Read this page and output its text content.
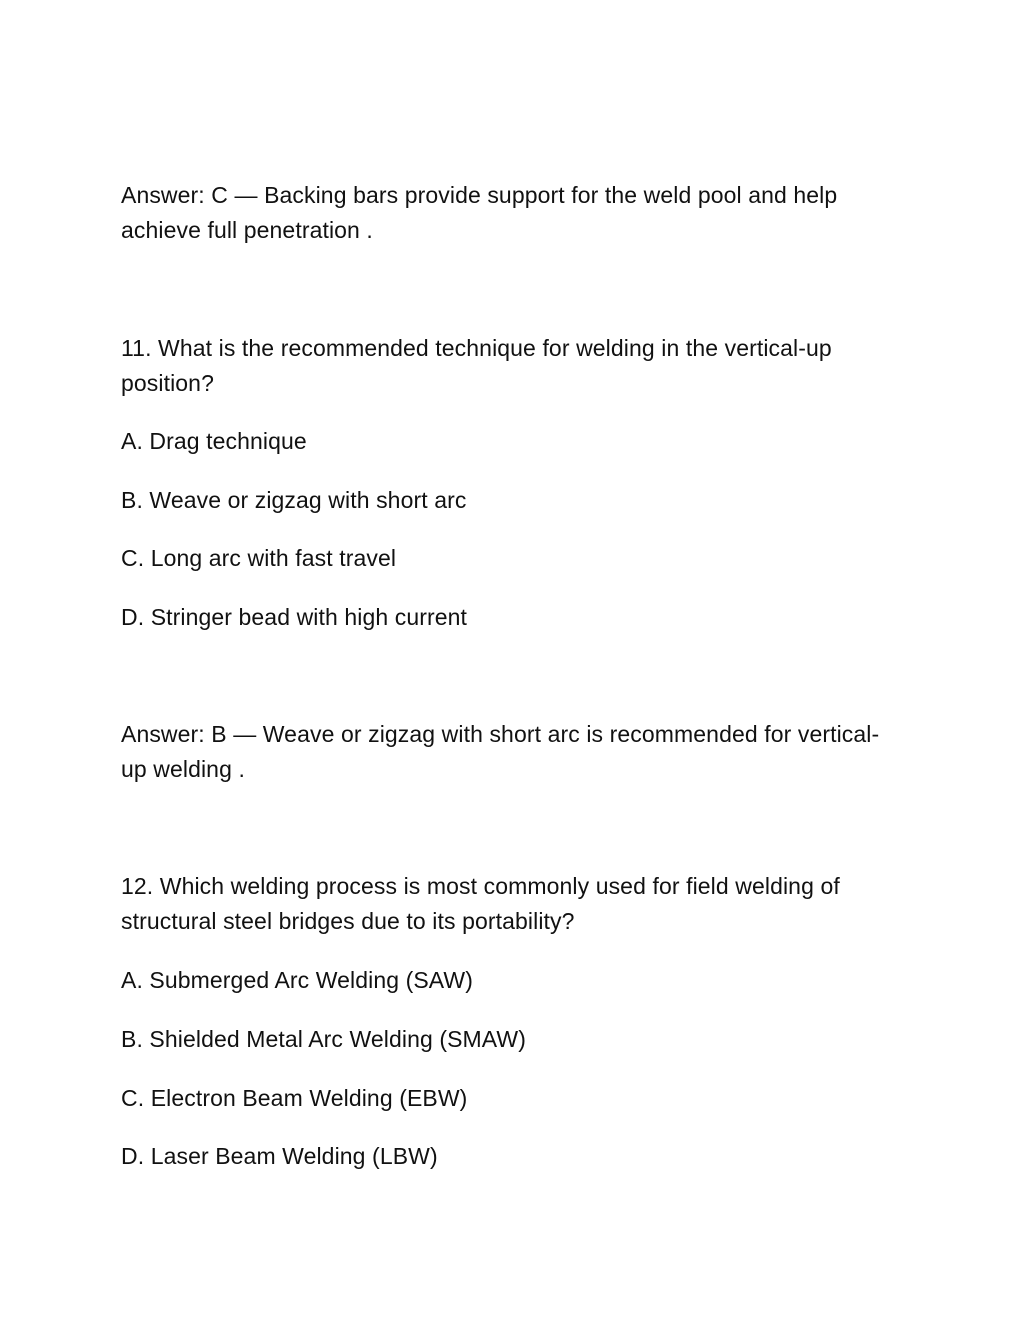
Answer: C — Backing bars provide support for the weld pool and help achieve full penetration .

11. What is the recommended technique for welding in the vertical-up position?

A. Drag technique

B. Weave or zigzag with short arc

C. Long arc with fast travel

D. Stringer bead with high current

Answer: B — Weave or zigzag with short arc is recommended for vertical-up welding .

12. Which welding process is most commonly used for field welding of structural steel bridges due to its portability?

A. Submerged Arc Welding (SAW)

B. Shielded Metal Arc Welding (SMAW)

C. Electron Beam Welding (EBW)

D. Laser Beam Welding (LBW)
